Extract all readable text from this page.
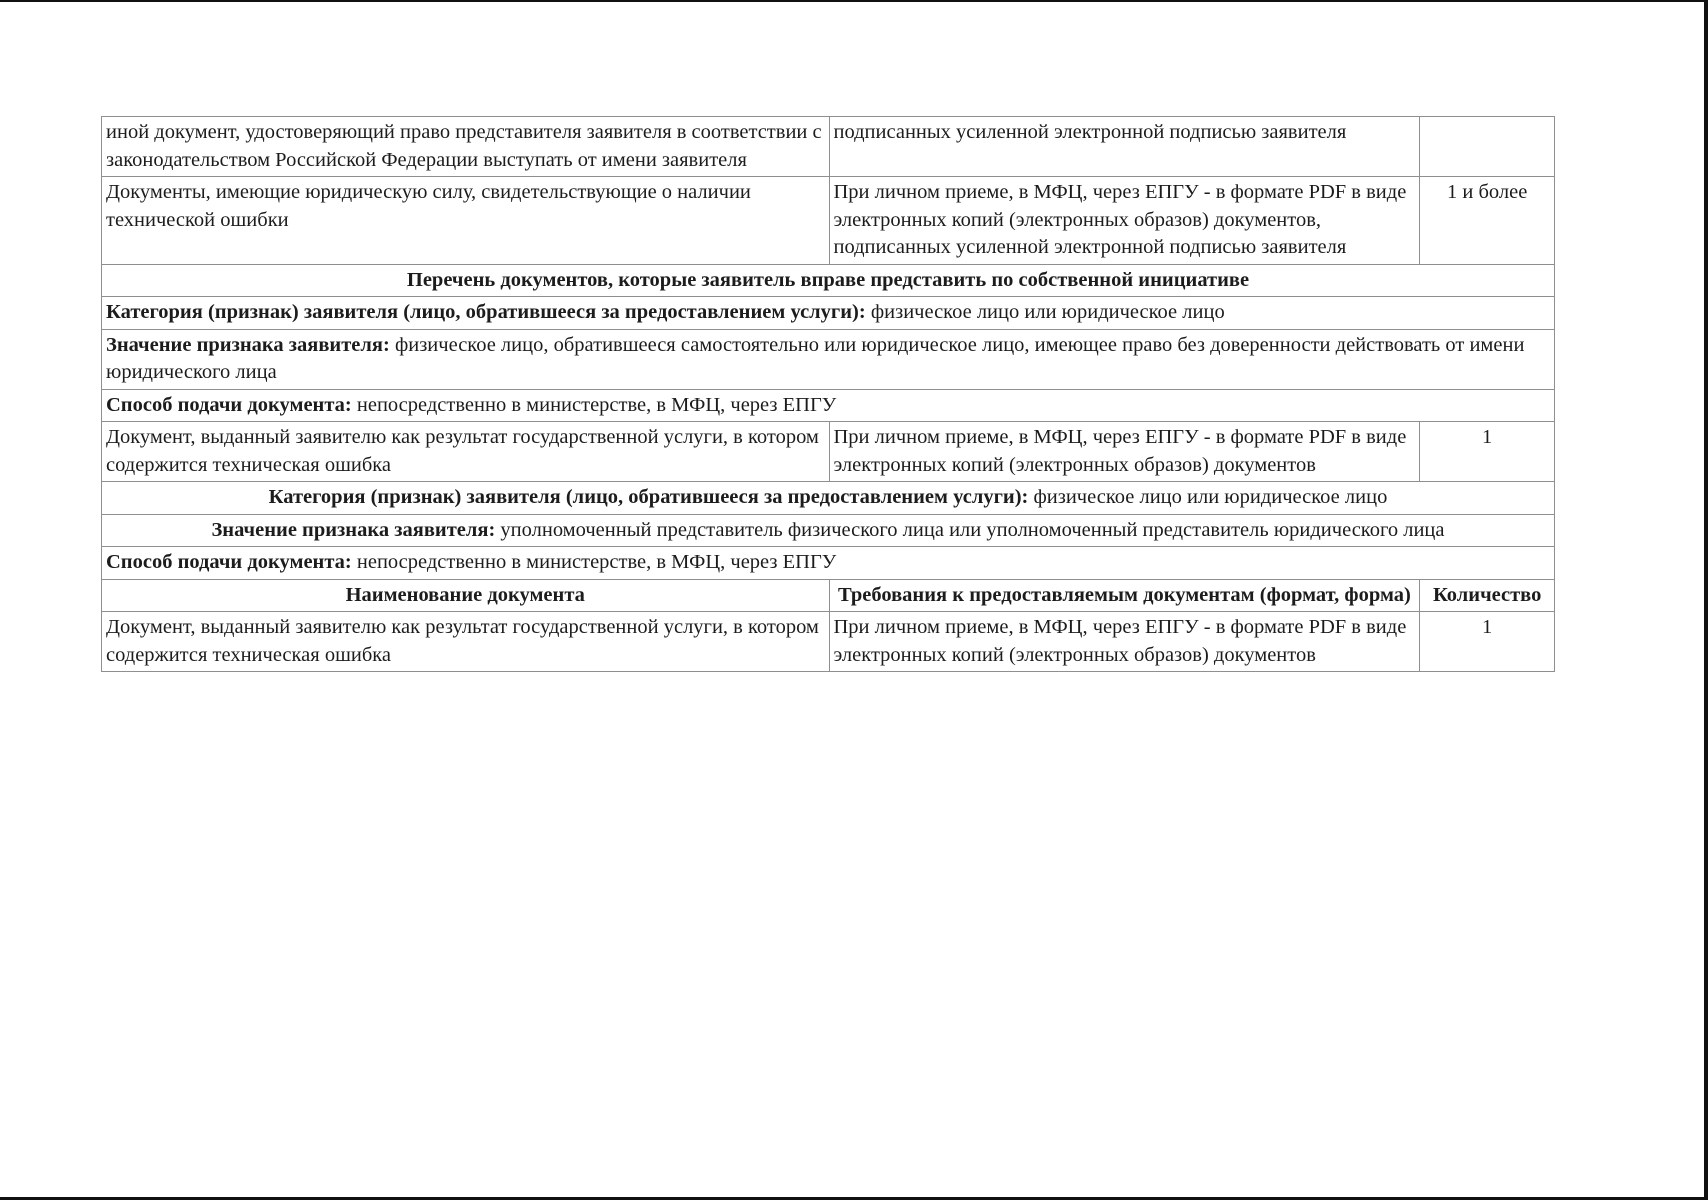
иной документ, удостоверяющий право представителя заявителя в соответствии с законодательством Российской Федерации выступать от имени заявителя	подписанных усиленной электронной подписью заявителя	
Документы, имеющие юридическую силу, свидетельствующие о наличии технической ошибки	При личном приеме, в МФЦ, через ЕПГУ - в формате PDF в виде электронных копий (электронных образов) документов, подписанных усиленной электронной подписью заявителя	1 и более
Перечень документов, которые заявитель вправе представить по собственной инициативе		
Категория (признак) заявителя (лицо, обратившееся за предоставлением услуги): физическое лицо или юридическое лицо		
Значение признака заявителя: физическое лицо, обратившееся самостоятельно или юридическое лицо, имеющее право без доверенности действовать от имени юридического лица		
Способ подачи документа: непосредственно в министерстве, в МФЦ, через ЕПГУ		
Документ, выданный заявителю как результат государственной услуги, в котором содержится техническая ошибка	При личном приеме, в МФЦ, через ЕПГУ - в формате PDF в виде электронных копий (электронных образов) документов	1
Категория (признак) заявителя (лицо, обратившееся за предоставлением услуги): физическое лицо или юридическое лицо		
Значение признака заявителя: уполномоченный представитель физического лица или уполномоченный представитель юридического лица		
Способ подачи документа: непосредственно в министерстве, в МФЦ, через ЕПГУ		
Наименование документа	Требования к предоставляемым документам (формат, форма)	Количество
Документ, выданный заявителю как результат государственной услуги, в котором содержится техническая ошибка	При личном приеме, в МФЦ, через ЕПГУ - в формате PDF в виде электронных копий (электронных образов) документов	1
